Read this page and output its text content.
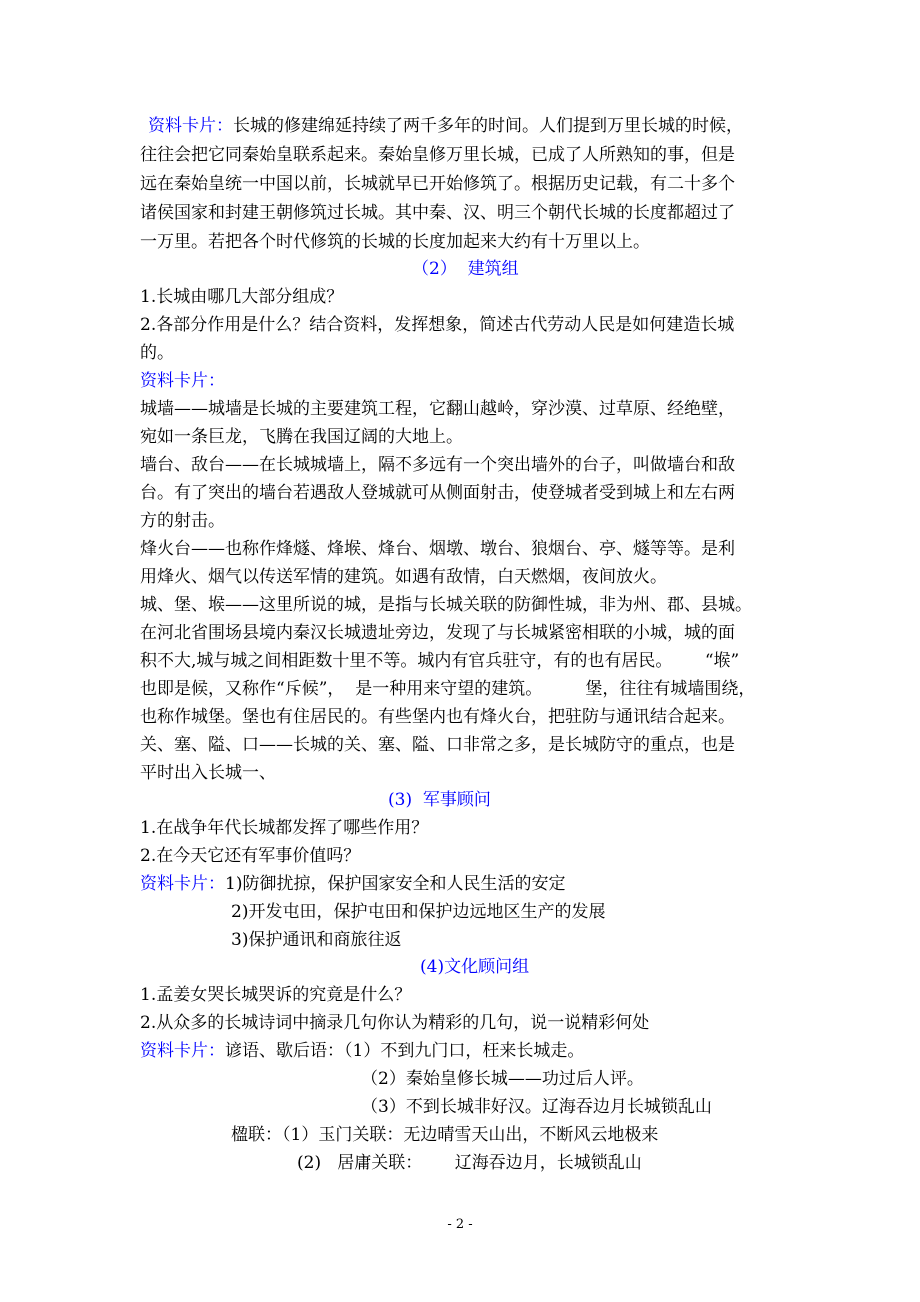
资料卡片：长城的修建绵延持续了两千多年的时间。人们提到万里长城的时候，
往往会把它同秦始皇联系起来。秦始皇修万里长城，已成了人所熟知的事，但是
远在秦始皇统一中国以前，长城就早已开始修筑了。根据历史记载，有二十多个
诸侯国家和封建王朝修筑过长城。其中秦、汉、明三个朝代长城的长度都超过了
一万里。若把各个时代修筑的长城的长度加起来大约有十万里以上。
（2）  建筑组
1.长城由哪几大部分组成？
2.各部分作用是什么？结合资料，发挥想象，简述古代劳动人民是如何建造长城
的。
资料卡片：
城墙——城墙是长城的主要建筑工程，它翻山越岭，穿沙漠、过草原、经绝壁，
宛如一条巨龙，飞腾在我国辽阔的大地上。
墙台、敌台——在长城城墙上，隔不多远有一个突出墙外的台子，叫做墙台和敌
台。有了突出的墙台若遇敌人登城就可从侧面射击，使登城者受到城上和左右两
方的射击。
烽火台——也称作烽燧、烽堠、烽台、烟墩、墩台、狼烟台、亭、燧等等。是利
用烽火、烟气以传送军情的建筑。如遇有敌情，白天燃烟，夜间放火。
城、堡、堠——这里所说的城，是指与长城关联的防御性城，非为州、郡、县城。
在河北省围场县境内秦汉长城遗址旁边，发现了与长城紧密相联的小城，城的面
积不大,城与城之间相距数十里不等。城内有官兵驻守，有的也有居民。      “堠”
也即是候，又称作“斥候”，  是一种用来守望的建筑。        堡，往往有城墙围绕，
也称作城堡。堡也有住居民的。有些堡内也有烽火台，把驻防与通讯结合起来。
关、塞、隘、口——长城的关、塞、隘、口非常之多，是长城防守的重点，也是
平时出入长城一、
(3)  军事顾问
1.在战争年代长城都发挥了哪些作用？
2.在今天它还有军事价值吗？
资料卡片：1)防御扰掠，保护国家安全和人民生活的安定
2)开发屯田，保护屯田和保护边远地区生产的发展
3)保护通讯和商旅往返
(4)文化顾问组
1.孟姜女哭长城哭诉的究竟是什么？
2.从众多的长城诗词中摘录几句你认为精彩的几句，说一说精彩何处
资料卡片：谚语、歇后语：（1）不到九门口，枉来长城走。
（2）秦始皇修长城——功过后人评。
（3）不到长城非好汉。辽海吞边月长城锁乱山
楹联：（1）玉门关联：无边晴雪天山出，不断风云地极来
(2)   居庸关联：      辽海吞边月，长城锁乱山
- 2 -
